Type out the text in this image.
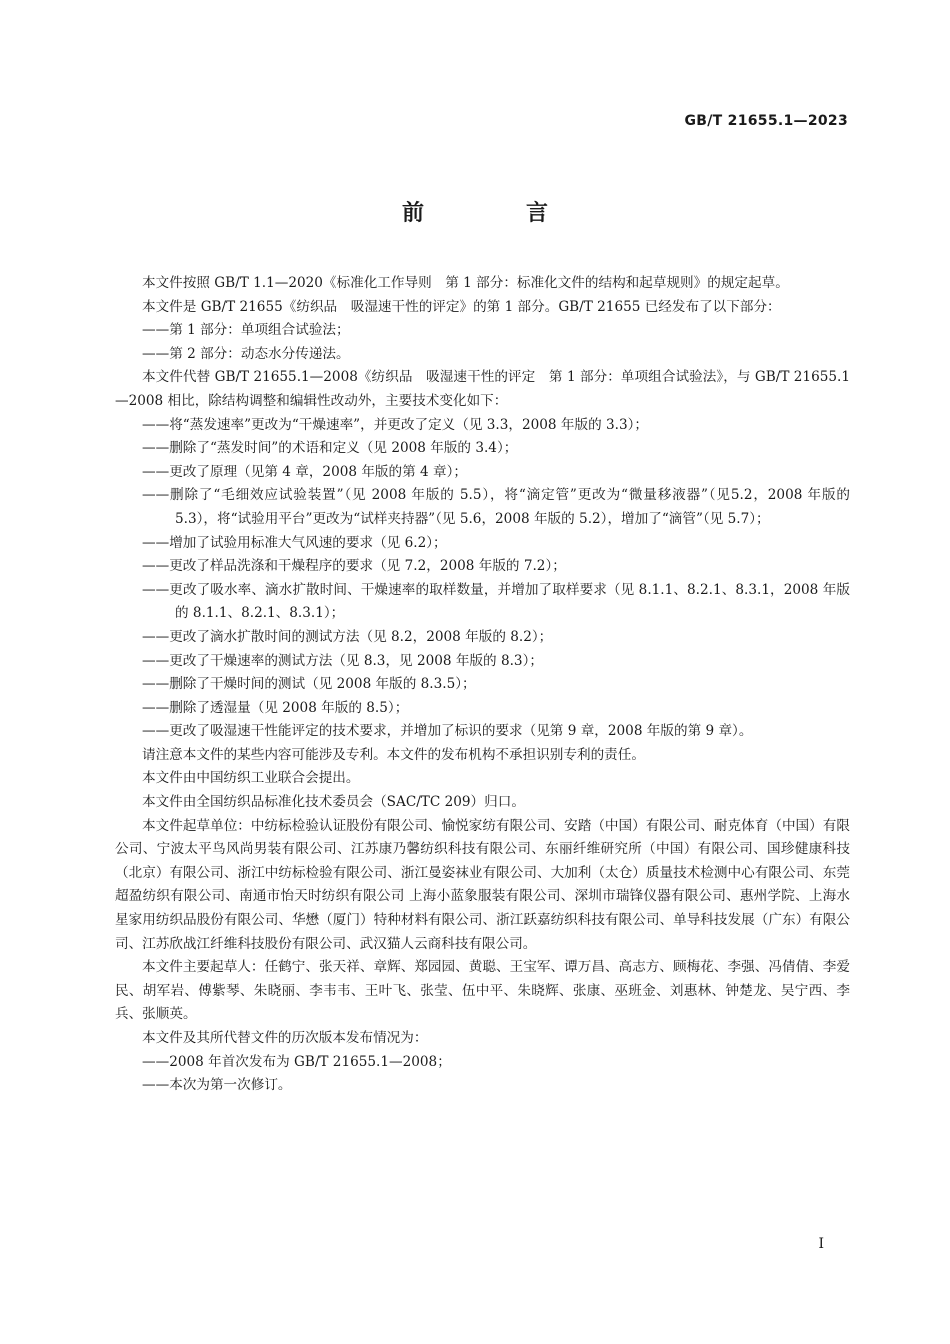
GB/T 21655.1—2023
前　言

本文件按照 GB/T 1.1—2020《标准化工作导则　第 1 部分：标准化文件的结构和起草规则》的规定起草。

本文件是 GB/T 21655《纺织品　吸湿速干性的评定》的第 1 部分。GB/T 21655 已经发布了以下部分：

——第 1 部分：单项组合试验法；

——第 2 部分：动态水分传递法。

本文件代替 GB/T 21655.1—2008《纺织品　吸湿速干性的评定　第 1 部分：单项组合试验法》，与 GB/T 21655.1—2008 相比，除结构调整和编辑性改动外，主要技术变化如下：

——将“蒸发速率”更改为“干燥速率”，并更改了定义（见 3.3，2008 年版的 3.3）；

——删除了“蒸发时间”的术语和定义（见 2008 年版的 3.4）；

——更改了原理（见第 4 章，2008 年版的第 4 章）；

——删除了“毛细效应试验装置”（见 2008 年版的 5.5），将“滴定管”更改为“微量移液器”（见5.2，2008 年版的 5.3），将“试验用平台”更改为“试样夹持器”（见 5.6，2008 年版的 5.2），增加了“滴管”（见 5.7）；

——增加了试验用标准大气风速的要求（见 6.2）；

——更改了样品洗涤和干燥程序的要求（见 7.2，2008 年版的 7.2）；

——更改了吸水率、滴水扩散时间、干燥速率的取样数量，并增加了取样要求（见 8.1.1、8.2.1、8.3.1，2008 年版的 8.1.1、8.2.1、8.3.1）；

——更改了滴水扩散时间的测试方法（见 8.2，2008 年版的 8.2）；

——更改了干燥速率的测试方法（见 8.3，见 2008 年版的 8.3）；

——删除了干燥时间的测试（见 2008 年版的 8.3.5）；

——删除了透湿量（见 2008 年版的 8.5）；

——更改了吸湿速干性能评定的技术要求，并增加了标识的要求（见第 9 章，2008 年版的第 9 章）。

请注意本文件的某些内容可能涉及专利。本文件的发布机构不承担识别专利的责任。

本文件由中国纺织工业联合会提出。

本文件由全国纺织品标准化技术委员会（SAC/TC 209）归口。

本文件起草单位：中纺标检验认证股份有限公司、愉悦家纺有限公司、安踏（中国）有限公司、耐克体育（中国）有限公司、宁波太平鸟风尚男装有限公司、江苏康乃馨纺织科技有限公司、东丽纤维研究所（中国）有限公司、国珍健康科技（北京）有限公司、浙江中纺标检验有限公司、浙江曼姿袜业有限公司、大加利（太仓）质量技术检测中心有限公司、东莞超盈纺织有限公司、南通市怡天时纺织有限公司 上海小蓝象服装有限公司、深圳市瑞锋仪器有限公司、惠州学院、上海水星家用纺织品股份有限公司、华懋（厦门）特种材料有限公司、浙江跃嘉纺织科技有限公司、单导科技发展（广东）有限公司、江苏欣战江纤维科技股份有限公司、武汉猫人云商科技有限公司。

本文件主要起草人：任鹤宁、张天祥、章辉、郑园园、黄聪、王宝军、谭万昌、高志方、顾梅花、李强、冯倩倩、李爱民、胡军岩、傅紫琴、朱晓丽、李韦韦、王叶飞、张莹、伍中平、朱晓辉、张康、巫班金、刘惠林、钟楚龙、吴宁西、李兵、张顺英。

本文件及其所代替文件的历次版本发布情况为：

——2008 年首次发布为 GB/T 21655.1—2008；

——本次为第一次修订。

I
